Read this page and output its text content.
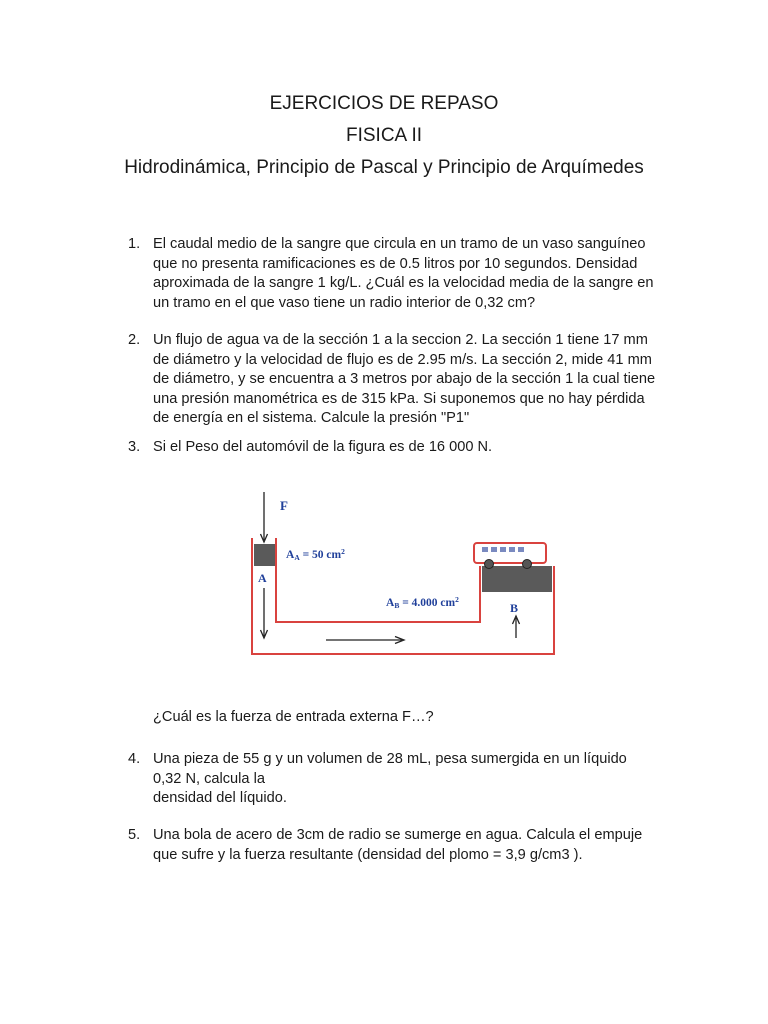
EJERCICIOS DE REPASO

FISICA II

Hidrodinámica, Principio de Pascal y Principio de Arquímedes

1. El caudal medio de la sangre que circula en un tramo de un vaso sanguíneo
que no presenta ramificaciones es de 0.5 litros por 10 segundos. Densidad
aproximada de la sangre 1 kg/L. ¿Cuál es la velocidad media de la sangre en
un tramo en el que vaso tiene un radio interior de 0,32 cm?
2. Un flujo de agua va de la sección 1 a la seccion 2. La sección 1 tiene 17 mm
de diámetro y la velocidad de flujo es de 2.95 m/s. La sección 2, mide 41 mm
de diámetro, y se encuentra a 3 metros por abajo de la sección 1 la cual tiene
una presión manométrica es de 315 kPa. Si suponemos que no hay pérdida
de energía en el sistema. Calcule la presión "P1"
3. Si el Peso del automóvil de la figura es de 16 000 N.
F
A
B
AA = 50 $cm^2$
AB = 4.000 $cm^2$
¿Cuál es la fuerza de entrada externa F…?
4. Una pieza de 55 g y un volumen de 28 mL, pesa sumergida en un líquido
0,32 N, calcula la
densidad del líquido.
5. Una bola de acero de 3cm de radio se sumerge en agua. Calcula el empuje
que sufre y la fuerza resultante (densidad del plomo = 3,9 g/cm3 ).
